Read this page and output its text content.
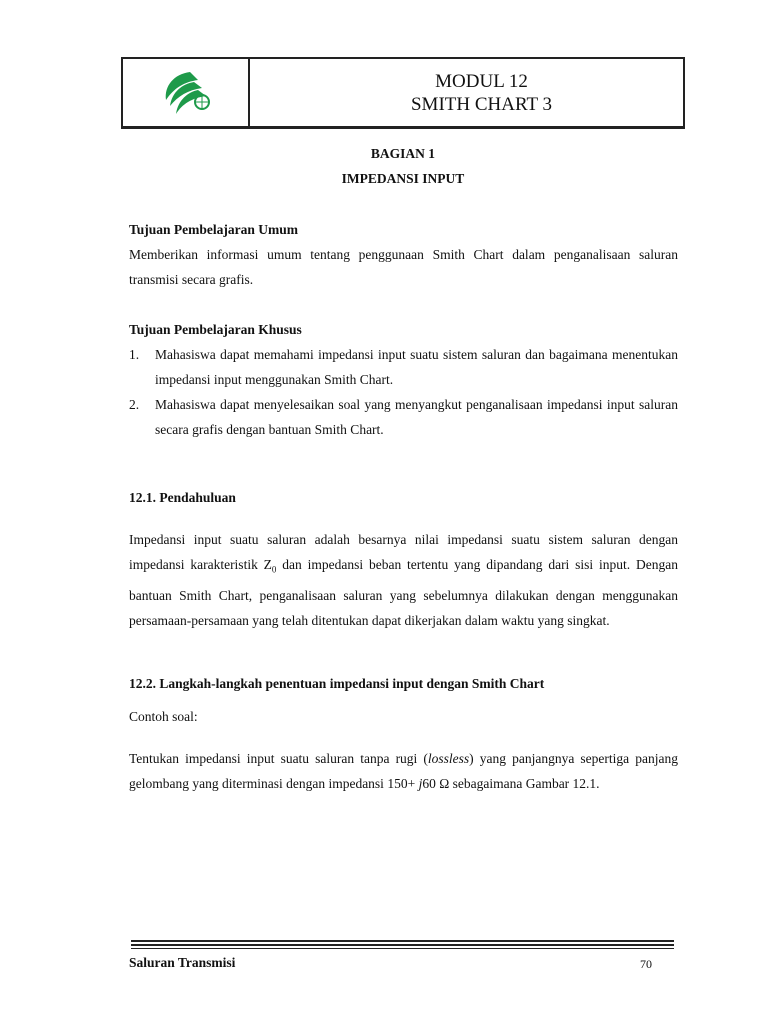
MODUL 12
SMITH CHART 3
BAGIAN 1
IMPEDANSI INPUT

Tujuan Pembelajaran Umum

Memberikan informasi umum tentang penggunaan Smith Chart dalam penganalisaan saluran transmisi secara grafis.

Tujuan Pembelajaran Khusus

1.	Mahasiswa dapat memahami impedansi input suatu sistem saluran dan bagaimana menentukan impedansi input menggunakan Smith Chart.
2.	Mahasiswa dapat menyelesaikan soal yang menyangkut penganalisaan impedansi input saluran secara grafis dengan bantuan Smith Chart.

12.1. Pendahuluan

Impedansi input suatu saluran adalah besarnya nilai impedansi suatu sistem saluran dengan impedansi karakteristik $Z_0$ dan impedansi beban tertentu yang dipandang dari sisi input. Dengan bantuan Smith Chart, penganalisaan saluran yang sebelumnya dilakukan dengan menggunakan persamaan-persamaan yang telah ditentukan dapat dikerjakan dalam waktu yang singkat.

12.2. Langkah-langkah penentuan impedansi input dengan Smith Chart

Contoh soal:

Tentukan impedansi input suatu saluran tanpa rugi (lossless) yang panjangnya sepertiga panjang gelombang yang diterminasi dengan impedansi 150+ j60 Ω sebagaimana Gambar 12.1.

Saluran Transmisi	70
